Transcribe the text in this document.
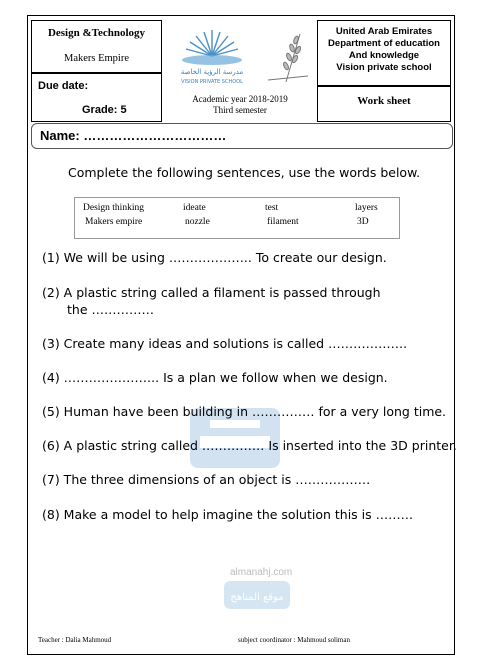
Design &Technology
Makers Empire
Due date:
Grade: 5
مدرسة الرؤية الخاصة
VISION PRIVATE SCHOOL
Academic year 2018-2019
Third semester
United Arab Emirates
Department of education
And knowledge
Vision private school
Work sheet
Name: ……………………………
Complete the following sentences, use the words below.
Design thinking	ideate	test	layers
Makers empire	nozzle	filament	3D
(1) We will be using ……………….. To create our design.
(2) A plastic string called a filament is passed through
the ……………
(3) Create many ideas and solutions is called ……………….
(4) ………………….. Is a plan we follow when we design.
(5) Human have been building in …………… for a very long time.
(6) A plastic string called …………… Is inserted into the 3D printer.
(7) The three dimensions of an object is ………………
(8) Make a model to help imagine the solution this is ………
almanahj.com
موقع المناهج
Teacher : Dalia Mahmoud	subject coordinator : Mahmoud soliman
